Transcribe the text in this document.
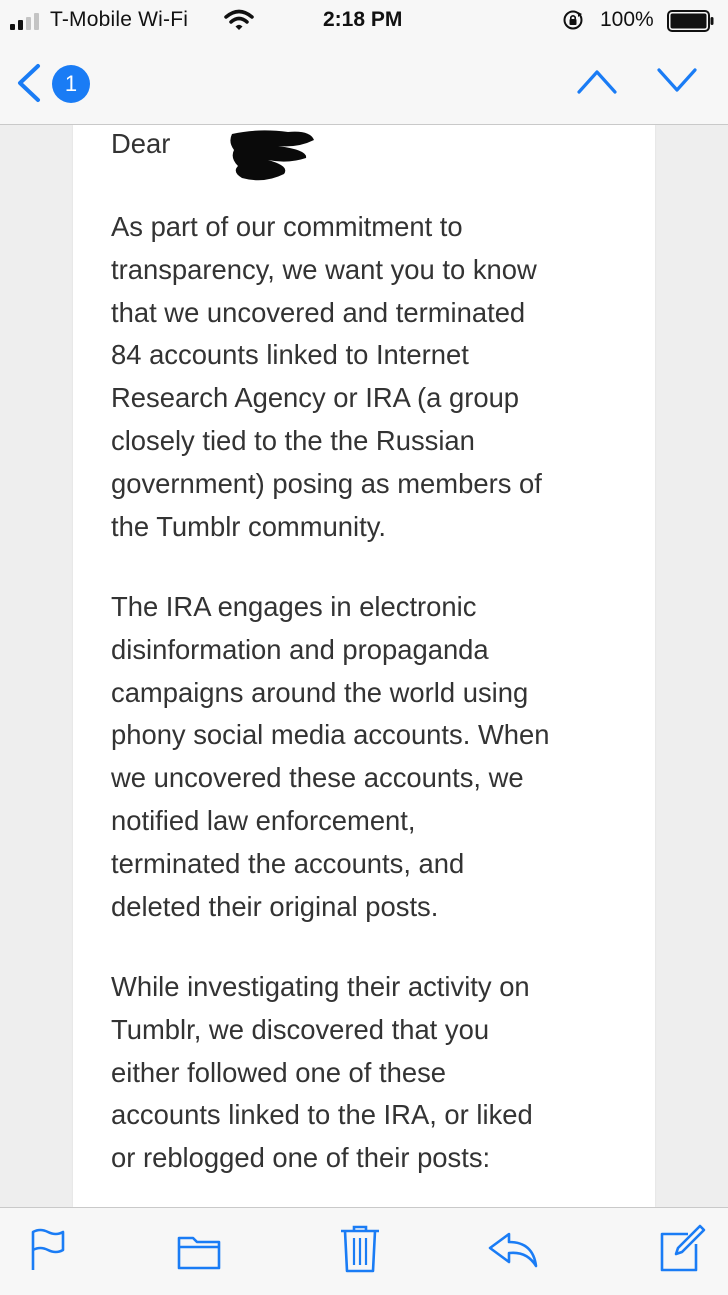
T-Mobile Wi-Fi	2:18 PM	100%
1
Dear
As part of our commitment to
transparency, we want you to know
that we uncovered and terminated
84 accounts linked to Internet
Research Agency or IRA (a group
closely tied to the the Russian
government) posing as members of
the Tumblr community.
The IRA engages in electronic
disinformation and propaganda
campaigns around the world using
phony social media accounts. When
we uncovered these accounts, we
notified law enforcement,
terminated the accounts, and
deleted their original posts.
While investigating their activity on
Tumblr, we discovered that you
either followed one of these
accounts linked to the IRA, or liked
or reblogged one of their posts:
